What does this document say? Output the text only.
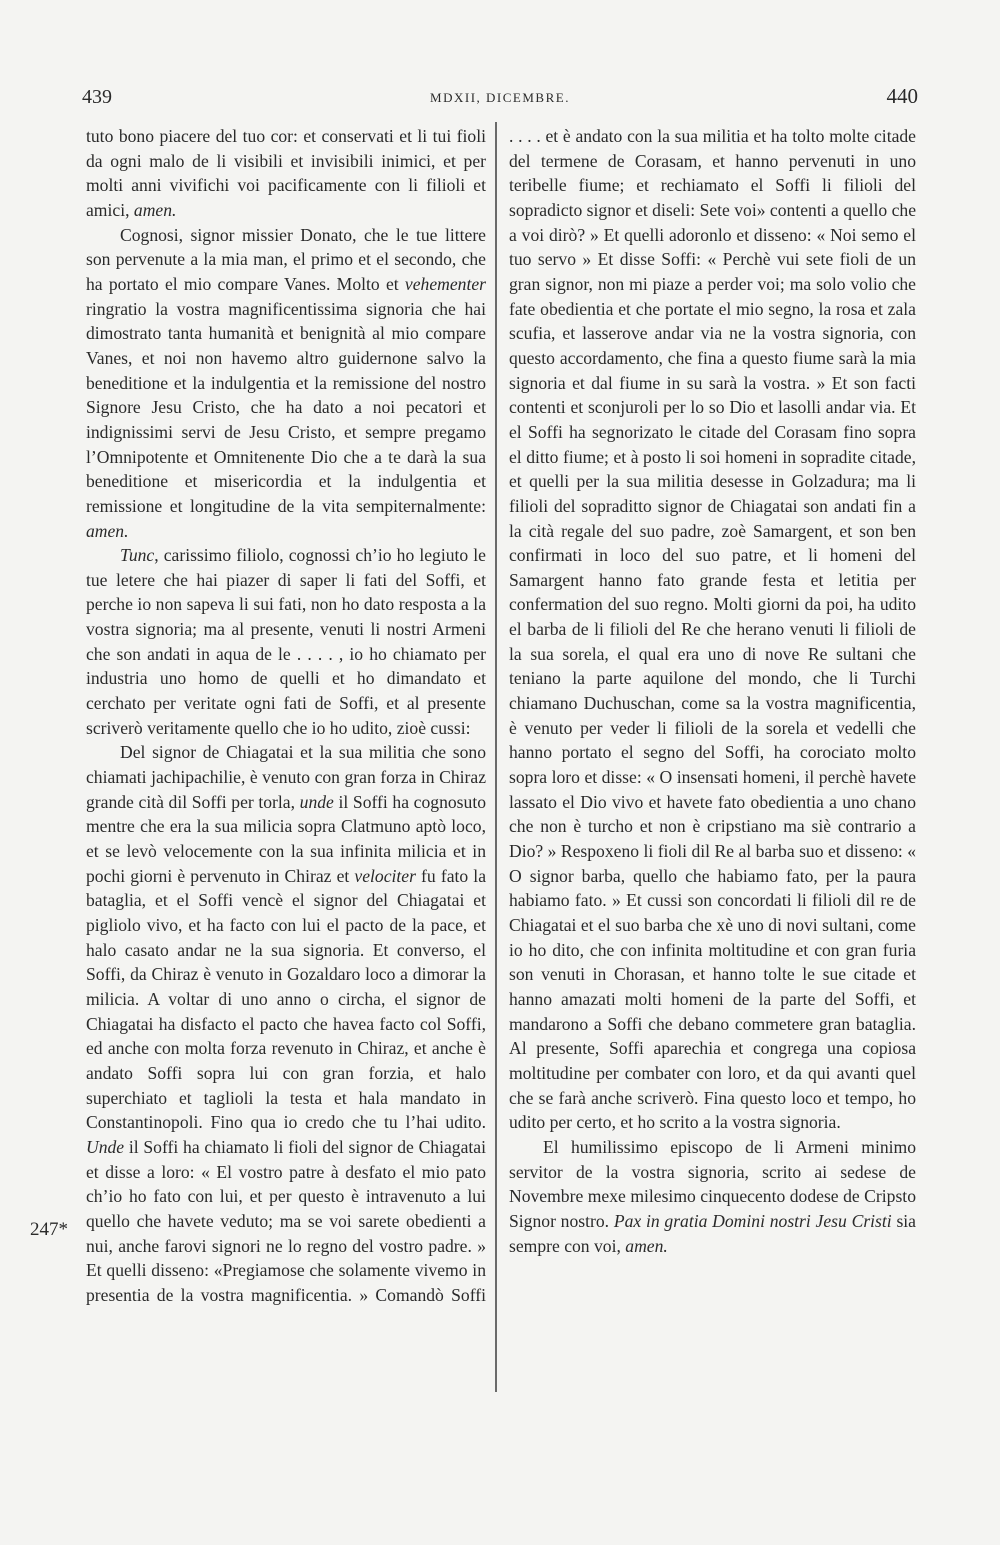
439	MDXII, DICEMBRE.	440

tuto bono piacere del tuo cor: et conservati et li tui fioli da ogni malo de li visibili et invisibili inimici, et per molti anni vivifichi voi pacificamente con li filioli et amici, amen.

Cognosi, signor missier Donato, che le tue littere son pervenute a la mia man, el primo et el secondo, che ha portato el mio compare Vanes. Molto et vehementer ringratio la vostra magnificentissima signoria che hai dimostrato tanta humanità et benignità al mio compare Vanes, et noi non havemo altro guidernone salvo la beneditione et la indulgentia et la remissione del nostro Signore Jesu Cristo, che ha dato a noi pecatori et indignissimi servi de Jesu Cristo, et sempre pregamo l’Omnipotente et Omnitenente Dio che a te darà la sua beneditione et misericordia et la indulgentia et remissione et longitudine de la vita sempiternalmente: amen.

Tunc, carissimo filiolo, cognossi ch’io ho legiuto le tue letere che hai piazer di saper li fati del Soffi, et perche io non sapeva li sui fati, non ho dato resposta a la vostra signoria; ma al presente, venuti li nostri Armeni che son andati in aqua de le . . . . , io ho chiamato per industria uno homo de quelli et ho dimandato et cerchato per veritate ogni fati de Soffi, et al presente scriverò veritamente quello che io ho udito, zioè cussi:

Del signor de Chiagatai et la sua militia che sono chiamati jachipachilie, è venuto con gran forza in Chiraz grande cità dil Soffi per torla, unde il Soffi ha cognosuto mentre che era la sua milicia sopra Clatmuno aptò loco, et se levò velocemente con la sua infinita milicia et in pochi giorni è pervenuto in Chiraz et velociter fu fato la bataglia, et el Soffi vencè el signor del Chiagatai et pigliolo vivo, et ha facto con lui el pacto de la pace, et halo casato andar ne la sua signoria. Et converso, el Soffi, da Chiraz è venuto in Gozaldaro loco a dimorar la milicia. A voltar di uno anno o circha, el signor de Chiagatai ha disfacto el pacto che havea facto col Soffi, ed anche con molta forza revenuto in Chiraz, et anche è andato Soffi sopra lui con gran forzia, et halo superchiato et taglioli la testa et hala mandato in Constantinopoli. Fino qua io credo che tu l’hai udito. Unde il Soffi ha chiamato li fioli del signor de Chiagatai et disse a loro: « El vostro patre à desfato el mio pato ch’io ho fato con lui, et per questo è intravenuto a lui quello che havete veduto; ma se voi sarete obedienti a nui, anche farovi signori ne lo regno del vostro padre. » Et quelli disseno: «Pregiamose che solamente vivemo in presentia de la vostra magnificentia. » Comandò Soffi

. . . . et è andato con la sua militia et ha tolto molte citade del termene de Corasam, et hanno pervenuti in uno teribelle fiume; et rechiamato el Soffi li filioli del sopradicto signor et diseli: Sete voi» contenti a quello che a voi dirò? » Et quelli adoronlo et disseno: « Noi semo el tuo servo » Et disse Soffi: « Perchè vui sete fioli de un gran signor, non mi piaze a perder voi; ma solo volio che fate obedientia et che portate el mio segno, la rosa et zala scufia, et lasserove andar via ne la vostra signoria, con questo accordamento, che fina a questo fiume sarà la mia signoria et dal fiume in su sarà la vostra. » Et son facti contenti et sconjuroli per lo so Dio et lasolli andar via. Et el Soffi ha segnorizato le citade del Corasam fino sopra el ditto fiume; et à posto li soi homeni in sopradite citade, et quelli per la sua militia desesse in Golzadura; ma li filioli del sopraditto signor de Chiagatai son andati fin a la cità regale del suo padre, zoè Samargent, et son ben confirmati in loco del suo patre, et li homeni del Samargent hanno fato grande festa et letitia per confermation del suo regno. Molti giorni da poi, ha udito el barba de li filioli del Re che herano venuti li filioli de la sua sorela, el qual era uno di nove Re sultani che teniano la parte aquilone del mondo, che li Turchi chiamano Duchuschan, come sa la vostra magnificentia, è venuto per veder li filioli de la sorela et vedelli che hanno portato el segno del Soffi, ha corociato molto sopra loro et disse: « O insensati homeni, il perchè havete lassato el Dio vivo et havete fato obedientia a uno chano che non è turcho et non è cripstiano ma siè contrario a Dio? » Respoxeno li fioli dil Re al barba suo et disseno: « O signor barba, quello che habiamo fato, per la paura habiamo fato. » Et cussi son concordati li filioli dil re de Chiagatai et el suo barba che xè uno di novi sultani, come io ho dito, che con infinita moltitudine et con gran furia son venuti in Chorasan, et hanno tolte le sue citade et hanno amazati molti homeni de la parte del Soffi, et mandarono a Soffi che debano commetere gran bataglia. Al presente, Soffi aparechia et congrega una copiosa moltitudine per combater con loro, et da qui avanti quel che se farà anche scriverò. Fina questo loco et tempo, ho udito per certo, et ho scrito a la vostra signoria.

El humilissimo episcopo de li Armeni minimo servitor de la vostra signoria, scrito ai sedese de Novembre mexe milesimo cinquecento dodese de Cripsto Signor nostro. Pax in gratia Domini nostri Jesu Cristi sia sempre con voi, amen.

247*
